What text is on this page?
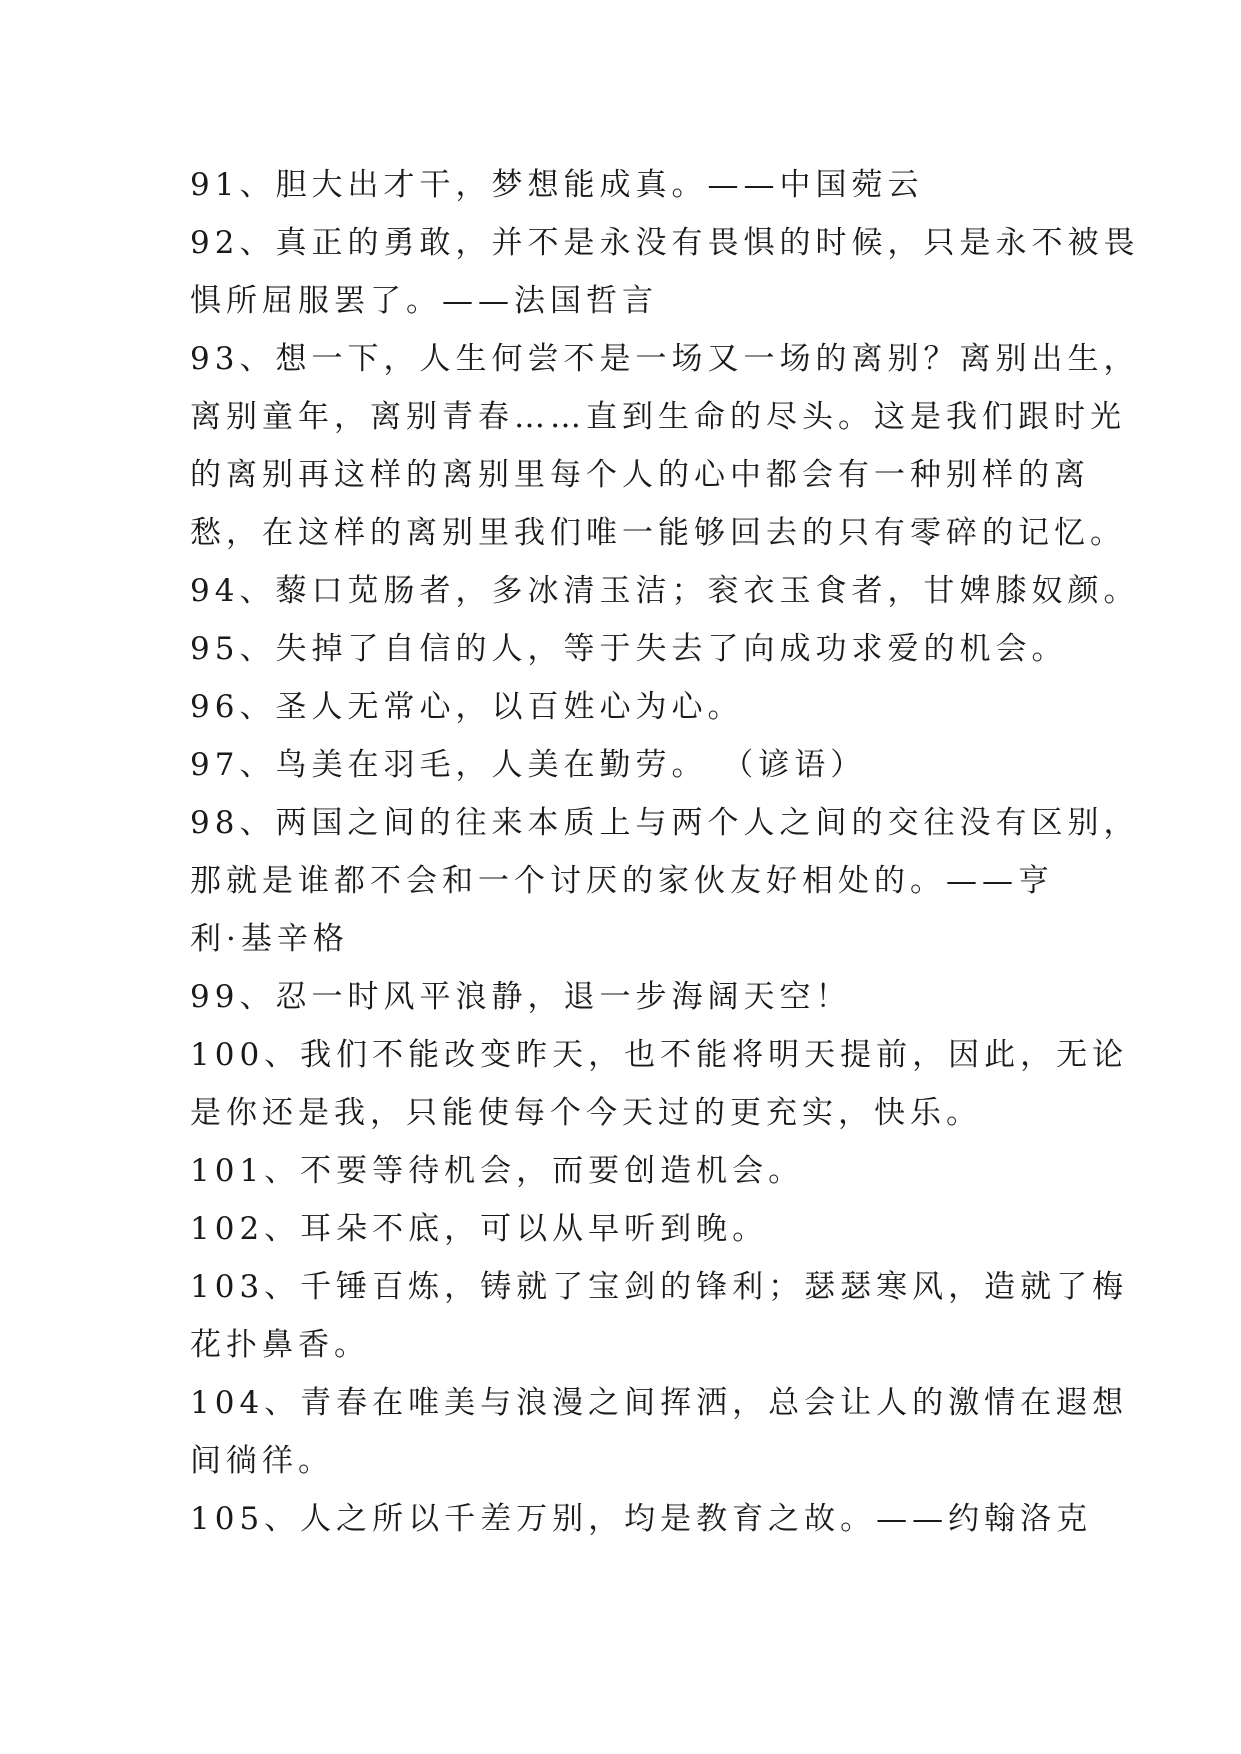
91、胆大出才干，梦想能成真。——中国菀云
92、真正的勇敢，并不是永没有畏惧的时候，只是永不被畏
惧所屈服罢了。——法国哲言
93、想一下，人生何尝不是一场又一场的离别？离别出生，
离别童年，离别青春……直到生命的尽头。这是我们跟时光
的离别再这样的离别里每个人的心中都会有一种别样的离
愁，在这样的离别里我们唯一能够回去的只有零碎的记忆。
94、藜口苋肠者，多冰清玉洁；衮衣玉食者，甘婢膝奴颜。
95、失掉了自信的人，等于失去了向成功求爱的机会。
96、圣人无常心，以百姓心为心。
97、鸟美在羽毛，人美在勤劳。 （谚语）
98、两国之间的往来本质上与两个人之间的交往没有区别，
那就是谁都不会和一个讨厌的家伙友好相处的。——亨
利·基辛格
99、忍一时风平浪静，退一步海阔天空！
100、我们不能改变昨天，也不能将明天提前，因此，无论
是你还是我，只能使每个今天过的更充实，快乐。
101、不要等待机会，而要创造机会。
102、耳朵不底，可以从早听到晚。
103、千锤百炼，铸就了宝剑的锋利；瑟瑟寒风，造就了梅
花扑鼻香。
104、青春在唯美与浪漫之间挥洒，总会让人的激情在遐想
间徜徉。
105、人之所以千差万别，均是教育之故。——约翰洛克
